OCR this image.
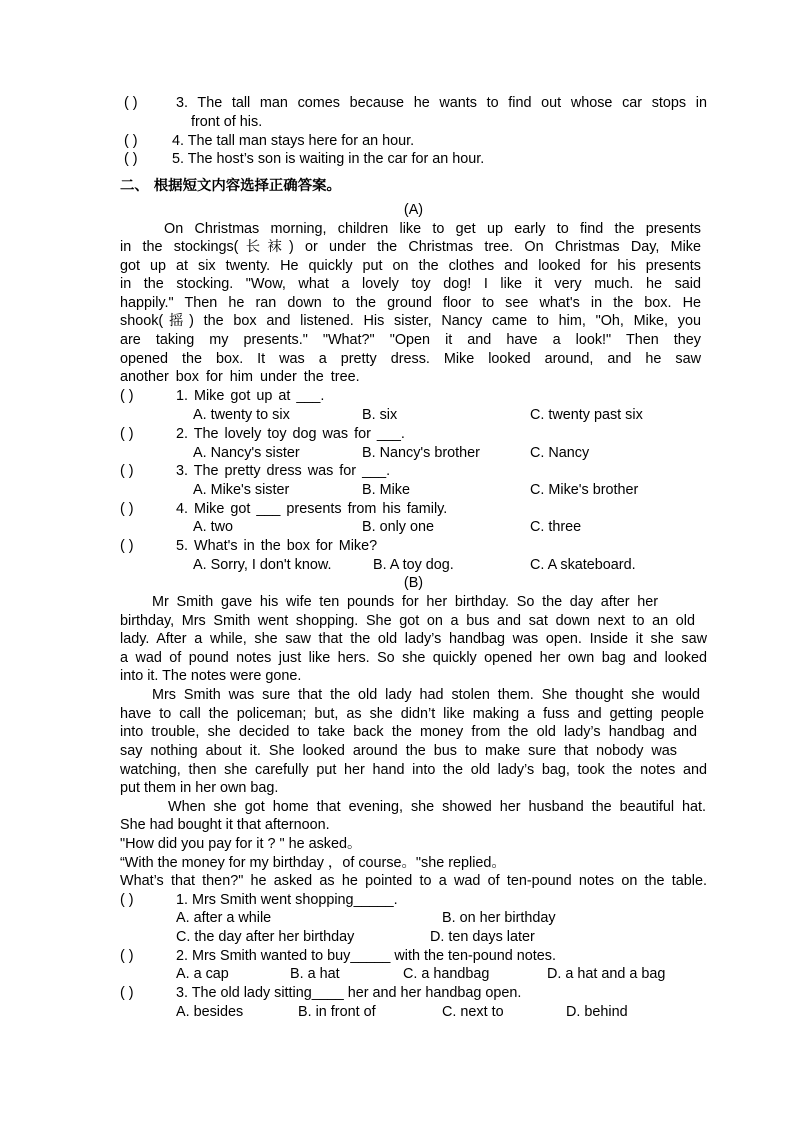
( )	3. The tall man comes because he wants to find out whose car stops in
front of his.
( ) 4. The tall man stays here for an hour.
( ) 5. The host’s son is waiting in the car for an hour.
二、 根据短文内容选择正确答案。
(A)
On Christmas morning, children like to get up early to find the presents
in the stockings(长袜) or under the Christmas tree. On Christmas Day, Mike
got up at six twenty. He quickly put on the clothes and looked for his presents
in the stocking. "Wow, what a lovely toy dog! I like it very much. he said
happily." Then he ran down to the ground floor to see what's in the box. He
shook(摇) the box and listened. His sister, Nancy came to him, "Oh, Mike, you
are taking my presents." "What?" "Open it and have a look!" Then they
opened the box. It was a pretty dress. Mike looked around, and he saw
another box for him under the tree.
( )	1. Mike got up at ___.
A. twenty to six	B. six	C. twenty past six
( )	2. The lovely toy dog was for ___.
A. Nancy's sister	B. Nancy's brother	C. Nancy
( )	3. The pretty dress was for ___.
A. Mike's sister	B. Mike	C. Mike's brother
( )	4. Mike got ___ presents from his family.
A. two	B. only one	C. three
( )	5. What's in the box for Mike?
A. Sorry, I don't know.	B. A toy dog.	C. A skateboard.
(B)
Mr Smith gave his wife ten pounds for her birthday. So the day after her
birthday, Mrs Smith went shopping. She got on a bus and sat down next to an old
lady. After a while, she saw that the old lady’s handbag was open. Inside it she saw
a wad of pound notes just like hers. So she quickly opened her own bag and looked
into it. The notes were gone.
Mrs Smith was sure that the old lady had stolen them. She thought she would
have to call the policeman; but, as she didn’t like making a fuss and getting people
into trouble, she decided to take back the money from the old lady’s handbag and
say nothing about it. She looked around the bus to make sure that nobody was
watching, then she carefully put her hand into the old lady’s bag, took the notes and
put them in her own bag.
When she got home that evening, she showed her husband the beautiful hat.
She had bought it that afternoon.
"How did you pay for it ? " he asked。
“With the money for my birthday ，of course。"she replied。
What’s that then?" he asked as he pointed to a wad of ten-pound notes on the table.
( )	1. Mrs Smith went shopping_____.
A. after a while	B. on her birthday
C. the day after her birthday	D. ten days later
( )	2. Mrs Smith wanted to buy_____ with the ten-pound notes.
A. a cap	B. a hat	C. a handbag	D. a hat and a bag
( )	3. The old lady sitting____ her and her handbag open.
A. besides	B. in front of	C. next to	D. behind
